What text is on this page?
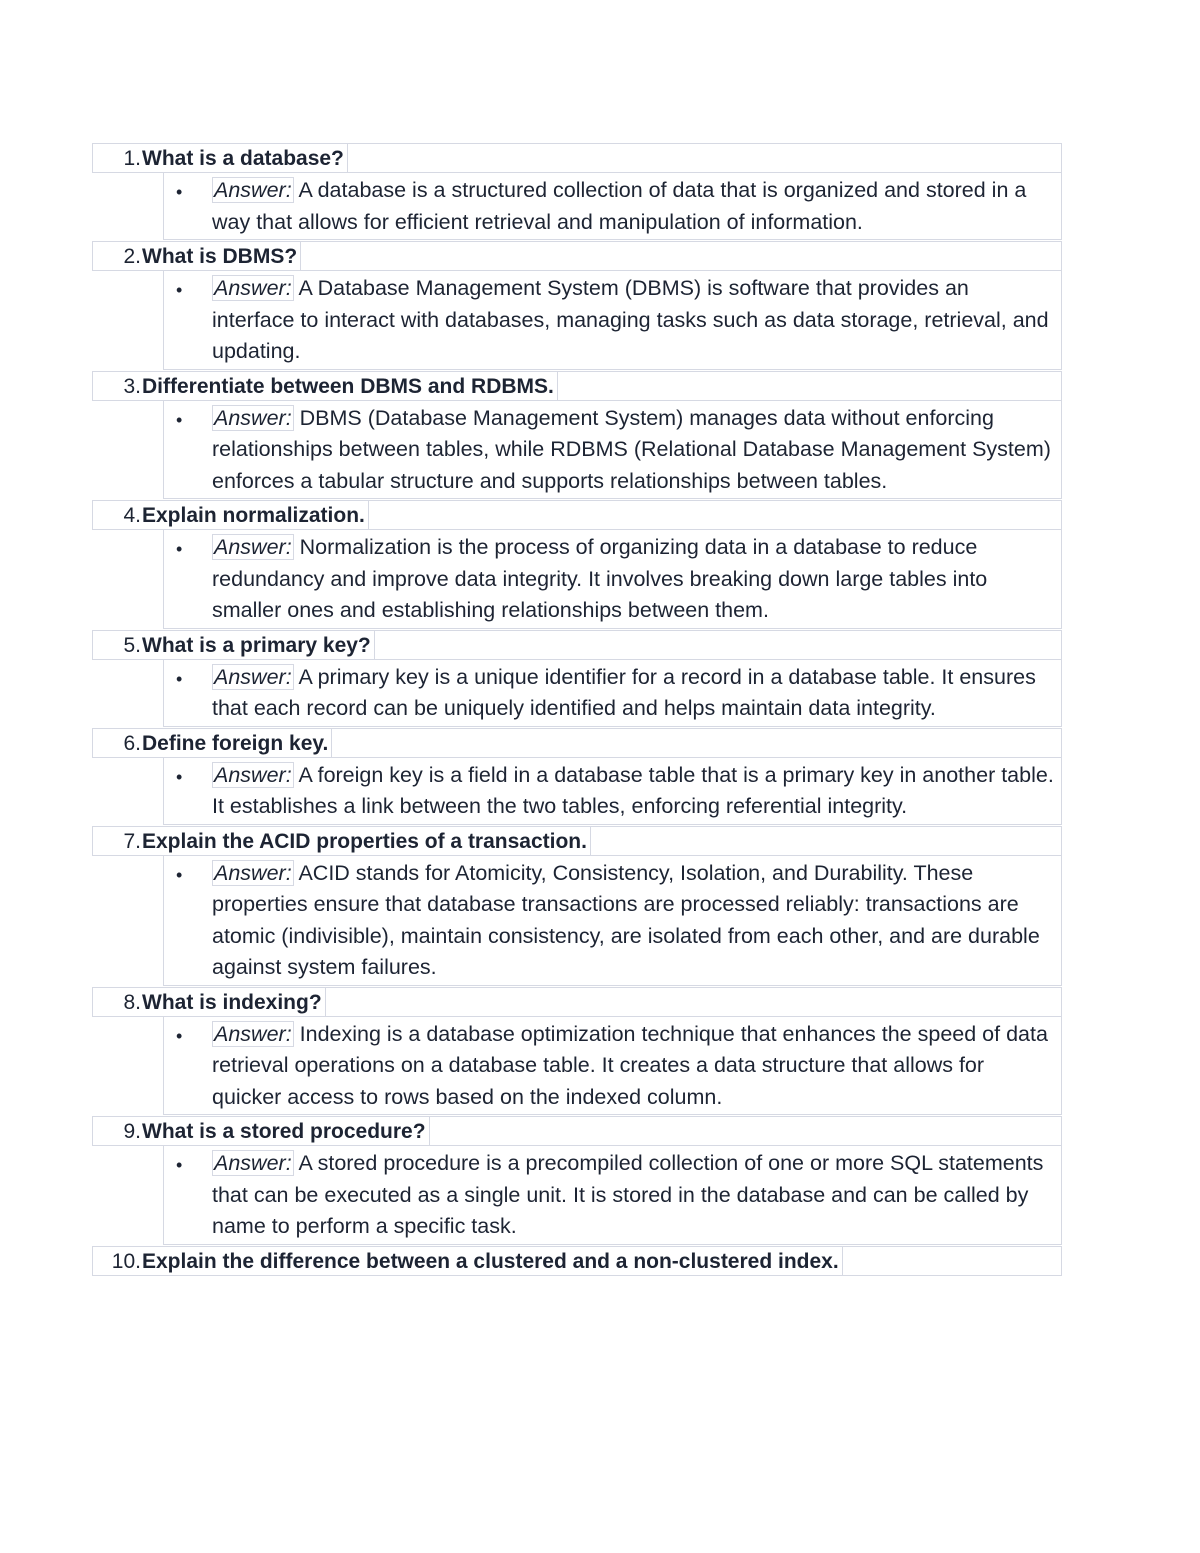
1. What is a database?
• Answer: A database is a structured collection of data that is organized and stored in a way that allows for efficient retrieval and manipulation of information.
2. What is DBMS?
• Answer: A Database Management System (DBMS) is software that provides an interface to interact with databases, managing tasks such as data storage, retrieval, and updating.
3. Differentiate between DBMS and RDBMS.
• Answer: DBMS (Database Management System) manages data without enforcing relationships between tables, while RDBMS (Relational Database Management System) enforces a tabular structure and supports relationships between tables.
4. Explain normalization.
• Answer: Normalization is the process of organizing data in a database to reduce redundancy and improve data integrity. It involves breaking down large tables into smaller ones and establishing relationships between them.
5. What is a primary key?
• Answer: A primary key is a unique identifier for a record in a database table. It ensures that each record can be uniquely identified and helps maintain data integrity.
6. Define foreign key.
• Answer: A foreign key is a field in a database table that is a primary key in another table. It establishes a link between the two tables, enforcing referential integrity.
7. Explain the ACID properties of a transaction.
• Answer: ACID stands for Atomicity, Consistency, Isolation, and Durability. These properties ensure that database transactions are processed reliably: transactions are atomic (indivisible), maintain consistency, are isolated from each other, and are durable against system failures.
8. What is indexing?
• Answer: Indexing is a database optimization technique that enhances the speed of data retrieval operations on a database table. It creates a data structure that allows for quicker access to rows based on the indexed column.
9. What is a stored procedure?
• Answer: A stored procedure is a precompiled collection of one or more SQL statements that can be executed as a single unit. It is stored in the database and can be called by name to perform a specific task.
10. Explain the difference between a clustered and a non-clustered index.
